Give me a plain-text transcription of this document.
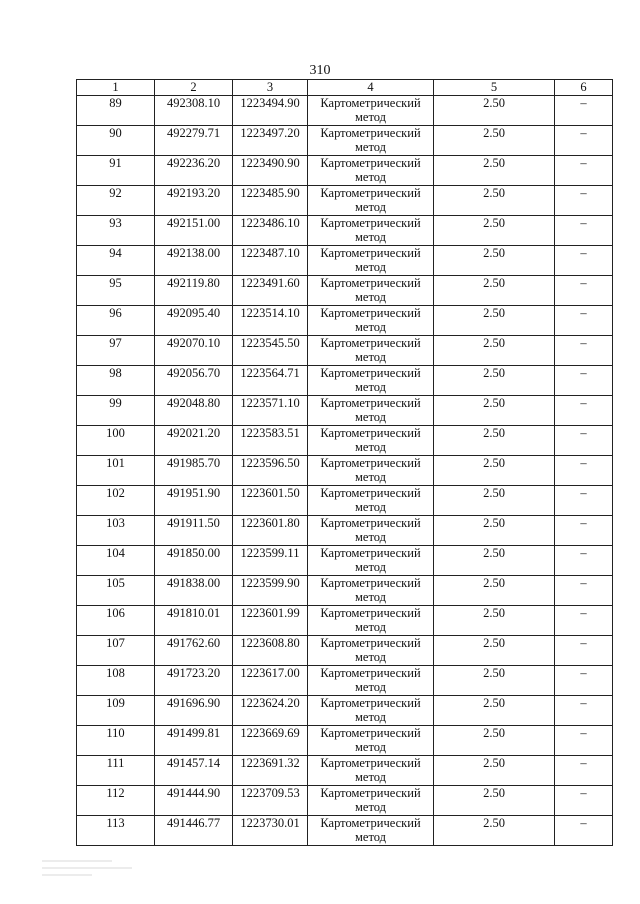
310
1	2	3	4	5	6
89	492308.10	1223494.90	Картометрический метод	2.50	–
90	492279.71	1223497.20	Картометрический метод	2.50	–
91	492236.20	1223490.90	Картометрический метод	2.50	–
92	492193.20	1223485.90	Картометрический метод	2.50	–
93	492151.00	1223486.10	Картометрический метод	2.50	–
94	492138.00	1223487.10	Картометрический метод	2.50	–
95	492119.80	1223491.60	Картометрический метод	2.50	–
96	492095.40	1223514.10	Картометрический метод	2.50	–
97	492070.10	1223545.50	Картометрический метод	2.50	–
98	492056.70	1223564.71	Картометрический метод	2.50	–
99	492048.80	1223571.10	Картометрический метод	2.50	–
100	492021.20	1223583.51	Картометрический метод	2.50	–
101	491985.70	1223596.50	Картометрический метод	2.50	–
102	491951.90	1223601.50	Картометрический метод	2.50	–
103	491911.50	1223601.80	Картометрический метод	2.50	–
104	491850.00	1223599.11	Картометрический метод	2.50	–
105	491838.00	1223599.90	Картометрический метод	2.50	–
106	491810.01	1223601.99	Картометрический метод	2.50	–
107	491762.60	1223608.80	Картометрический метод	2.50	–
108	491723.20	1223617.00	Картометрический метод	2.50	–
109	491696.90	1223624.20	Картометрический метод	2.50	–
110	491499.81	1223669.69	Картометрический метод	2.50	–
111	491457.14	1223691.32	Картометрический метод	2.50	–
112	491444.90	1223709.53	Картометрический метод	2.50	–
113	491446.77	1223730.01	Картометрический метод	2.50	–
